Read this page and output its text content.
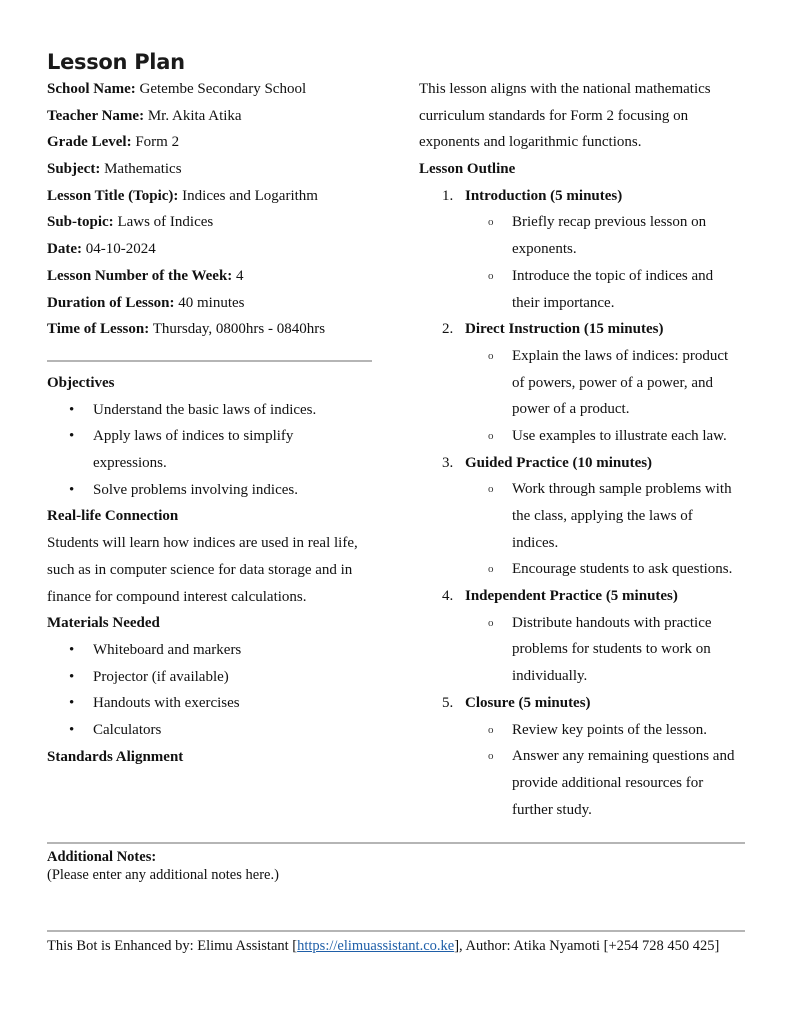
Lesson Plan
School Name: Getembe Secondary School
Teacher Name: Mr. Akita Atika
Grade Level: Form 2
Subject: Mathematics
Lesson Title (Topic): Indices and Logarithm
Sub-topic: Laws of Indices
Date: 04-10-2024
Lesson Number of the Week: 4
Duration of Lesson: 40 minutes
Time of Lesson: Thursday, 0800hrs - 0840hrs
Objectives
Understand the basic laws of indices.
•
Apply laws of indices to simplify
•
expressions.
Solve problems involving indices.
•
Real-life Connection
Students will learn how indices are used in real life,
such as in computer science for data storage and in
finance for compound interest calculations.
Materials Needed
Whiteboard and markers
•
Projector (if available)
•
Handouts with exercises
•
Calculators
•
Standards Alignment
This lesson aligns with the national mathematics
curriculum standards for Form 2 focusing on
exponents and logarithmic functions.
Lesson Outline
1. Introduction (5 minutes)
Briefly recap previous lesson on
o
exponents.
Introduce the topic of indices and
o
their importance.
2. Direct Instruction (15 minutes)
Explain the laws of indices: product
o
of powers, power of a power, and
power of a product.
Use examples to illustrate each law.
o
3. Guided Practice (10 minutes)
Work through sample problems with
o
the class, applying the laws of
indices.
Encourage students to ask questions.
o
4. Independent Practice (5 minutes)
Distribute handouts with practice
o
problems for students to work on
individually.
5. Closure (5 minutes)
Review key points of the lesson.
o
Answer any remaining questions and
o
provide additional resources for
further study.
Additional Notes:
(Please enter any additional notes here.)
This Bot is Enhanced by: Elimu Assistant [https://elimuassistant.co.ke], Author: Atika Nyamoti [+254 728 450 425]
